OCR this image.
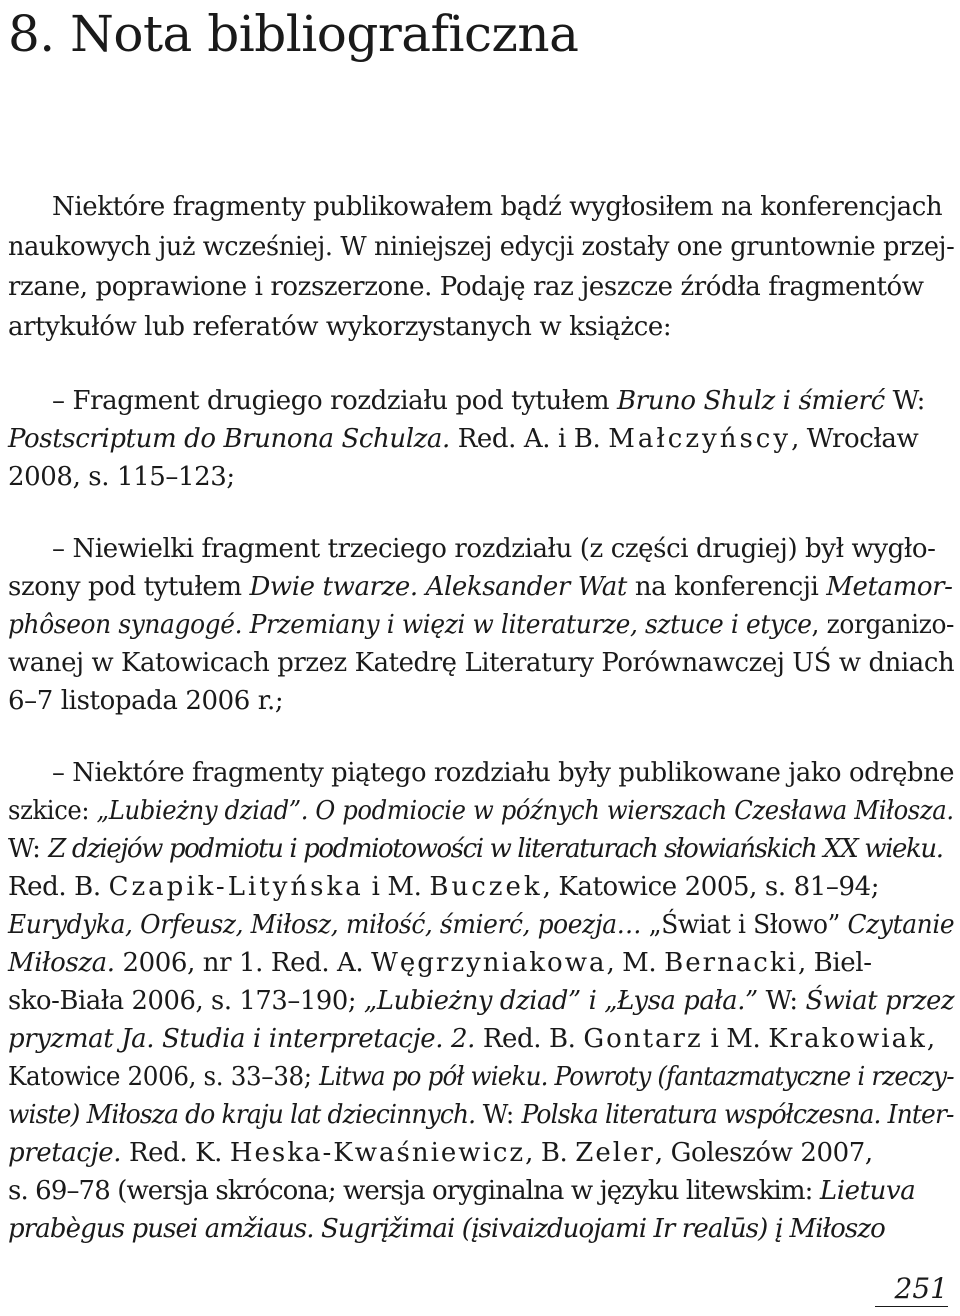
8. Nota bibliograficzna
Niektóre fragmenty publikowałem bądź wygłosiłem na konferencjach
naukowych już wcześniej. W niniejszej edycji zostały one gruntownie przej-
rzane, poprawione i rozszerzone. Podaję raz jeszcze źródła fragmentów
artykułów lub referatów wykorzystanych w książce:
– Fragment drugiego rozdziału pod tytułem Bruno Shulz i śmierć W:
Postscriptum do Brunona Schulza. Red. A. i B. Małczyńscy, Wrocław
2008, s. 115–123;
– Niewielki fragment trzeciego rozdziału (z części drugiej) był wygło-
szony pod tytułem Dwie twarze. Aleksander Wat na konferencji Metamor-
phôseon synagogé. Przemiany i więzi w literaturze, sztuce i etyce, zorganizo-
wanej w Katowicach przez Katedrę Literatury Porównawczej UŚ w dniach
6–7 listopada 2006 r.;
– Niektóre fragmenty piątego rozdziału były publikowane jako odrębne
szkice: „Lubieżny dziad”. O podmiocie w późnych wierszach Czesława Miłosza.
W: Z dziejów podmiotu i podmiotowości w literaturach słowiańskich XX wieku.
Red. B. Czapik-Lityńska i M. Buczek, Katowice 2005, s. 81–94;
Eurydyka, Orfeusz, Miłosz, miłość, śmierć, poezja… „Świat i Słowo” Czytanie
Miłosza. 2006, nr 1. Red. A. Węgrzyniakowa, M. Bernacki, Biel-
sko-Biała 2006, s. 173–190; „Lubieżny dziad” i „Łysa pała.” W: Świat przez
pryzmat Ja. Studia i interpretacje. 2. Red. B. Gontarz i M. Krakowiak,
Katowice 2006, s. 33–38; Litwa po pół wieku. Powroty (fantazmatyczne i rzeczy-
wiste) Miłosza do kraju lat dziecinnych. W: Polska literatura współczesna. Inter-
pretacje. Red. K. Heska-Kwaśniewicz, B. Zeler, Goleszów 2007,
s. 69–78 (wersja skrócona; wersja oryginalna w języku litewskim: Lietuva
prabègus pusei amžiaus. Sugrįžimai (įsivaizduojami Ir realūs) į Miłoszo
251
